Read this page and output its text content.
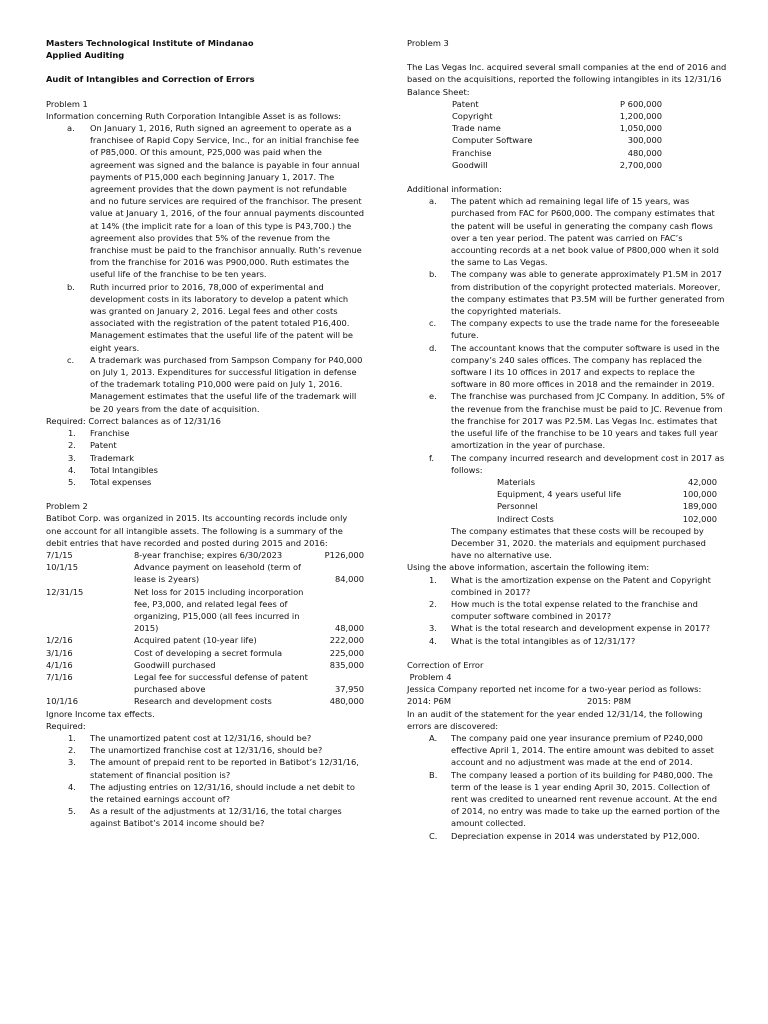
Masters Technological Institute of Mindanao

Applied Auditing

Audit of Intangibles and Correction of Errors

Problem 1

Information concerning Ruth Corporation Intangible Asset is as follows:

a. On January 1, 2016, Ruth signed an agreement to operate as a franchisee of Rapid Copy Service, Inc., for an initial franchise fee of P85,000. Of this amount, P25,000 was paid when the agreement was signed and the balance is payable in four annual payments of P15,000 each beginning January 1, 2017. The agreement provides that the down payment is not refundable and no future services are required of the franchisor. The present value at January 1, 2016, of the four annual payments discounted at 14% (the implicit rate for a loan of this type is P43,700.) the agreement also provides that 5% of the revenue from the franchise must be paid to the franchisor annually. Ruth’s revenue from the franchise for 2016 was P900,000. Ruth estimates the useful life of the franchise to be ten years.

b. Ruth incurred prior to 2016, 78,000 of experimental and development costs in its laboratory to develop a patent which was granted on January 2, 2016. Legal fees and other costs associated with the registration of the patent totaled P16,400. Management estimates that the useful life of the patent will be eight years.

c. A trademark was purchased from Sampson Company for P40,000 on July 1, 2013. Expenditures for successful litigation in defense of the trademark totaling P10,000 were paid on July 1, 2016. Management estimates that the useful life of the trademark will be 20 years from the date of acquisition.

Required: Correct balances as of 12/31/16

1. Franchise

2. Patent

3. Trademark

4. Total Intangibles

5. Total expenses

Problem 2

Batibot Corp. was organized in 2015. Its accounting records include only one account for all intangible assets. The following is a summary of the debit entries that have recorded and posted during 2015 and 2016:

7/1/15	8-year franchise; expires 6/30/2023	P126,000
10/1/15	Advance payment on leasehold (term of lease is 2years)	84,000
12/31/15	Net loss for 2015 including incorporation fee, P3,000, and related legal fees of organizing, P15,000 (all fees incurred in 2015)	48,000
1/2/16	Acquired patent (10-year life)	222,000
3/1/16	Cost of developing a secret formula	225,000
4/1/16	Goodwill purchased	835,000
7/1/16	Legal fee for successful defense of patent purchased above	37,950
10/1/16	Research and development costs	480,000

Ignore Income tax effects.

Required:

1. The unamortized patent cost at 12/31/16, should be?

2. The unamortized franchise cost at 12/31/16, should be?

3. The amount of prepaid rent to be reported in Batibot’s 12/31/16, statement of financial position is?

4. The adjusting entries on 12/31/16, should include a net debit to the retained earnings account of?

5. As a result of the adjustments at 12/31/16, the total charges against Batibot’s 2014 income should be?

Problem 3

The Las Vegas Inc. acquired several small companies at the end of 2016 and based on the acquisitions, reported the following intangibles in its 12/31/16 Balance Sheet:

Patent	P 600,000
Copyright	1,200,000
Trade name	1,050,000
Computer Software	300,000
Franchise	480,000
Goodwill	2,700,000

Additional information:

a. The patent which ad remaining legal life of 15 years, was purchased from FAC for P600,000. The company estimates that the patent will be useful in generating the company cash flows over a ten year period. The patent was carried on FAC’s accounting records at a net book value of P800,000 when it sold the same to Las Vegas.

b. The company was able to generate approximately P1.5M in 2017 from distribution of the copyright protected materials. Moreover, the company estimates that P3.5M will be further generated from the copyrighted materials.

c. The company expects to use the trade name for the foreseeable future.

d. The accountant knows that the computer software is used in the company’s 240 sales offices. The company has replaced the software I its 10 offices in 2017 and expects to replace the software in 80 more offices in 2018 and the remainder in 2019.

e. The franchise was purchased from JC Company. In addition, 5% of the revenue from the franchise must be paid to JC. Revenue from the franchise for 2017 was P2.5M. Las Vegas Inc. estimates that the useful life of the franchise to be 10 years and takes full year amortization in the year of purchase.

f. The company incurred research and development cost in 2017 as follows:

Materials	42,000
Equipment, 4 years useful life	100,000
Personnel	189,000
Indirect Costs	102,000

The company estimates that these costs will be recouped by December 31, 2020. the materials and equipment purchased have no alternative use.

Using the above information, ascertain the following item:

1. What is the amortization expense on the Patent and Copyright combined in 2017?

2. How much is the total expense related to the franchise and computer software combined in 2017?

3. What is the total research and development expense in 2017?

4. What is the total intangibles as of 12/31/17?

Correction of Error

Problem 4

Jessica Company reported net income for a two-year period as follows:

2014: P6M	2015: P8M

In an audit of the statement for the year ended 12/31/14, the following errors are discovered:

A. The company paid one year insurance premium of P240,000 effective April 1, 2014. The entire amount was debited to asset account and no adjustment was made at the end of 2014.

B. The company leased a portion of its building for P480,000. The term of the lease is 1 year ending April 30, 2015. Collection of rent was credited to unearned rent revenue account. At the end of 2014, no entry was made to take up the earned portion of the amount collected.

C. Depreciation expense in 2014 was understated by P12,000.
